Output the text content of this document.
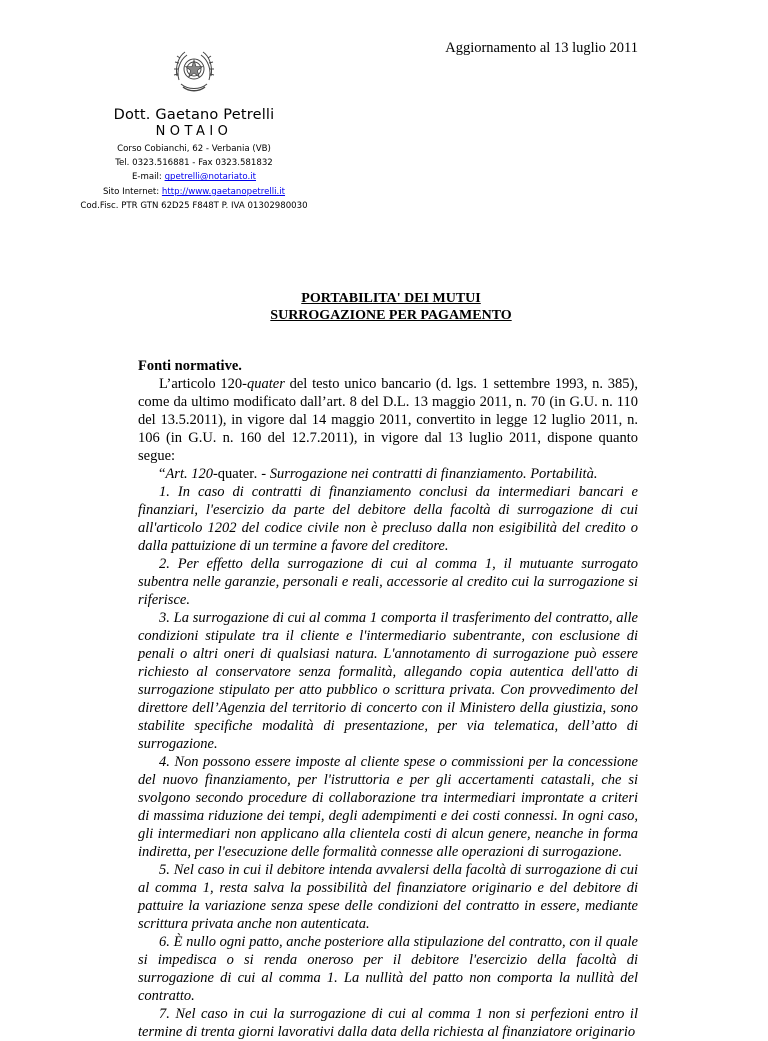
Aggiornamento al 13 luglio 2011
Dott. Gaetano Petrelli
NOTAIO
Corso Cobianchi, 62 - Verbania (VB)
Tel. 0323.516881 - Fax 0323.581832
E-mail: gpetrelli@notariato.it
Sito Internet: http://www.gaetanopetrelli.it
Cod.Fisc. PTR GTN 62D25 F848T P. IVA 01302980030
PORTABILITA' DEI MUTUI
SURROGAZIONE PER PAGAMENTO

Fonti normative.

L’articolo 120-quater del testo unico bancario (d. lgs. 1 settembre 1993, n. 385), come da ultimo modificato dall’art. 8 del D.L. 13 maggio 2011, n. 70 (in G.U. n. 110 del 13.5.2011), in vigore dal 14 maggio 2011, convertito in legge 12 luglio 2011, n. 106 (in G.U. n. 160 del 12.7.2011), in vigore dal 13 luglio 2011, dispone quanto segue:

“Art. 120-quater. - Surrogazione nei contratti di finanziamento. Portabilità.

1. In caso di contratti di finanziamento conclusi da intermediari bancari e finanziari, l'esercizio da parte del debitore della facoltà di surrogazione di cui all'articolo 1202 del codice civile non è precluso dalla non esigibilità del credito o dalla pattuizione di un termine a favore del creditore.

2. Per effetto della surrogazione di cui al comma 1, il mutuante surrogato subentra nelle garanzie, personali e reali, accessorie al credito cui la surrogazione si riferisce.

3. La surrogazione di cui al comma 1 comporta il trasferimento del contratto, alle condizioni stipulate tra il cliente e l'intermediario subentrante, con esclusione di penali o altri oneri di qualsiasi natura. L'annotamento di surrogazione può essere richiesto al conservatore senza formalità, allegando copia autentica dell'atto di surrogazione stipulato per atto pubblico o scrittura privata. Con provvedimento del direttore dell’Agenzia del territorio di concerto con il Ministero della giustizia, sono stabilite specifiche modalità di presentazione, per via telematica, dell’atto di surrogazione.

4. Non possono essere imposte al cliente spese o commissioni per la concessione del nuovo finanziamento, per l'istruttoria e per gli accertamenti catastali, che si svolgono secondo procedure di collaborazione tra intermediari improntate a criteri di massima riduzione dei tempi, degli adempimenti e dei costi connessi. In ogni caso, gli intermediari non applicano alla clientela costi di alcun genere, neanche in forma indiretta, per l'esecuzione delle formalità connesse alle operazioni di surrogazione.

5. Nel caso in cui il debitore intenda avvalersi della facoltà di surrogazione di cui al comma 1, resta salva la possibilità del finanziatore originario e del debitore di pattuire la variazione senza spese delle condizioni del contratto in essere, mediante scrittura privata anche non autenticata.

6. È nullo ogni patto, anche posteriore alla stipulazione del contratto, con il quale si impedisca o si renda oneroso per il debitore l'esercizio della facoltà di surrogazione di cui al comma 1. La nullità del patto non comporta la nullità del contratto.

7. Nel caso in cui la surrogazione di cui al comma 1 non si perfezioni entro il termine di trenta giorni lavorativi dalla data della richiesta al finanziatore originario
